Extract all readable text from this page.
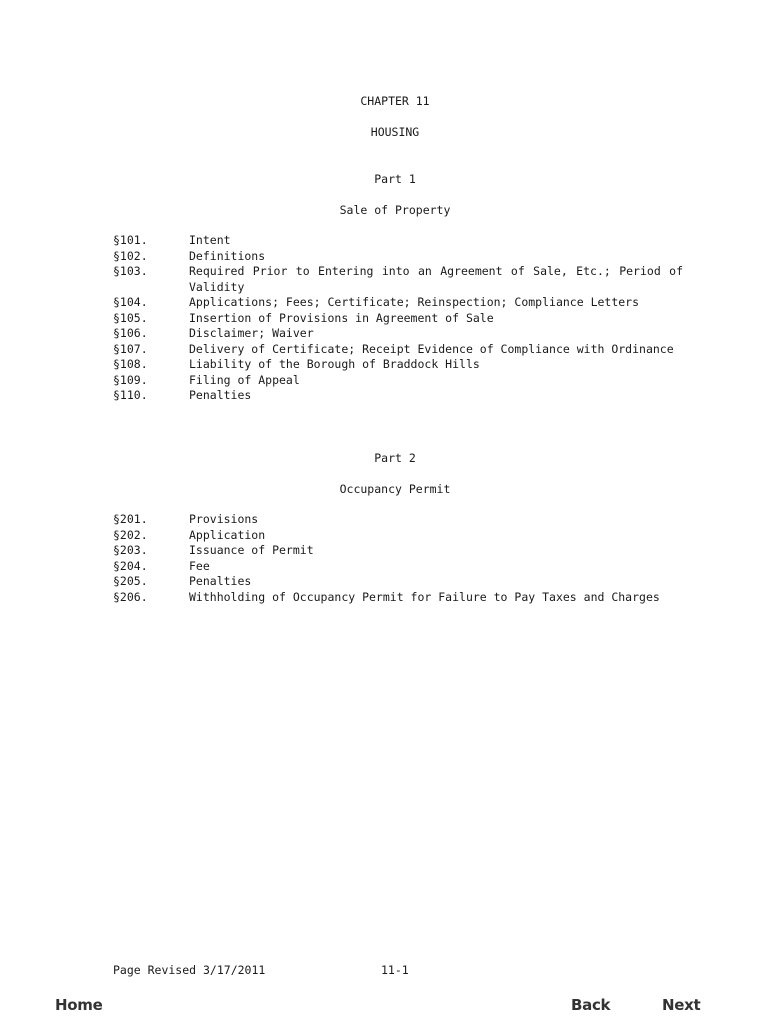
CHAPTER 11
HOUSING
Part 1
Sale of Property
§101.	Intent
§102.	Definitions
§103.	Required Prior to Entering into an Agreement of Sale, Etc.; Period of Validity
§104.	Applications; Fees; Certificate; Reinspection; Compliance Letters
§105.	Insertion of Provisions in Agreement of Sale
§106.	Disclaimer; Waiver
§107.	Delivery of Certificate; Receipt Evidence of Compliance with Ordinance
§108.	Liability of the Borough of Braddock Hills
§109.	Filing of Appeal
§110.	Penalties
Part 2
Occupancy Permit
§201.	Provisions
§202.	Application
§203.	Issuance of Permit
§204.	Fee
§205.	Penalties
§206.	Withholding of Occupancy Permit for Failure to Pay Taxes and Charges
Page Revised 3/17/2011	11-1
Home	Back	Next
